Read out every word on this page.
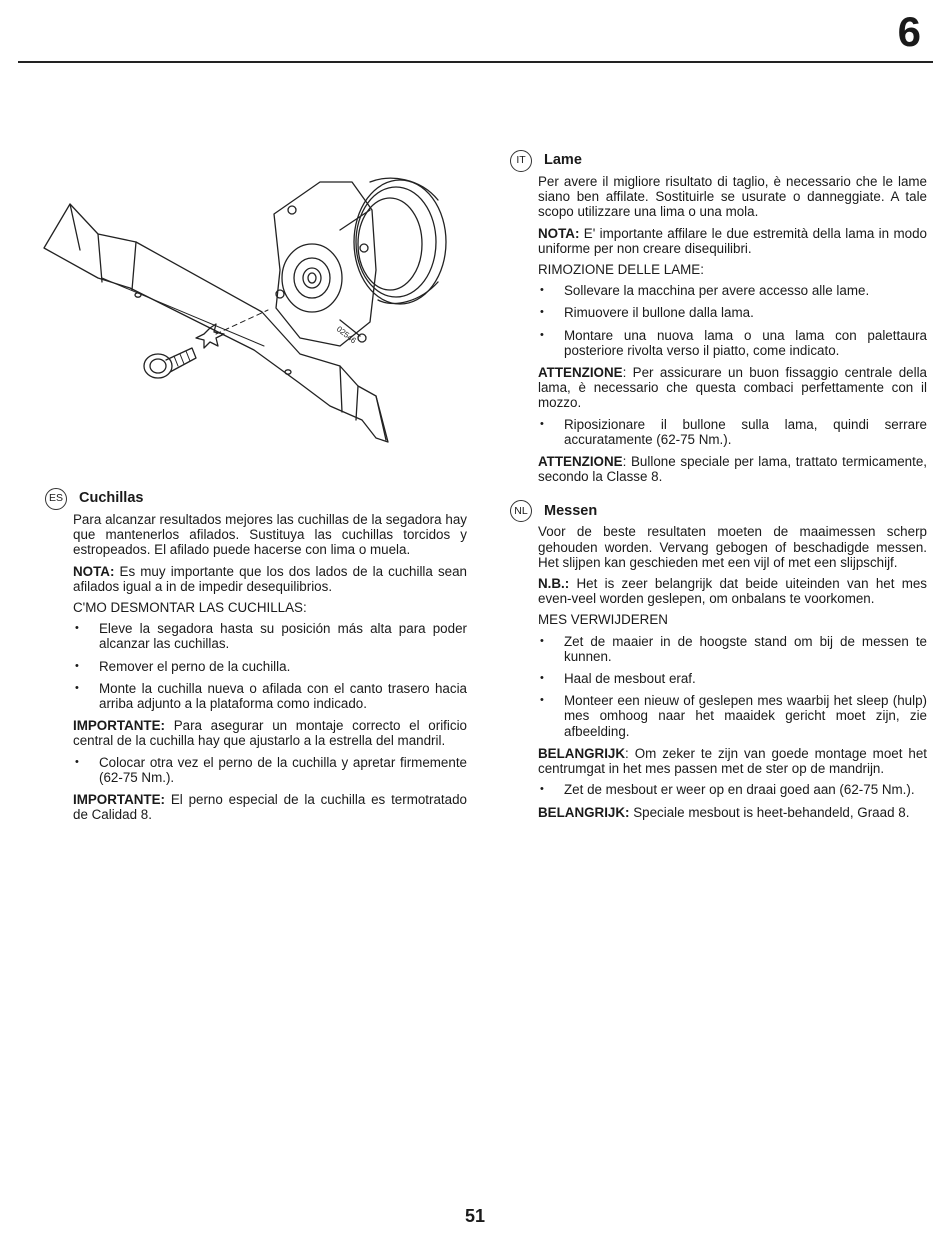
6
02546
ES Cuchillas

Para alcanzar resultados mejores las cuchillas de la segadora hay que mantenerlos afilados. Sustituya las cuchillas torcidos y estropeados. El afilado puede hacerse con lima o muela.

NOTA: Es muy importante que los dos lados de la cuchilla sean afilados igual a in de impedir desequilibrios.

C'MO DESMONTAR LAS CUCHILLAS:
• Eleve la segadora hasta su posición más alta para poder alcanzar las cuchillas.
• Remover el perno de la cuchilla.
• Monte la cuchilla nueva o afilada con el canto trasero hacia arriba adjunto a la plataforma como indicado.

IMPORTANTE: Para asegurar un montaje correcto el orificio central de la cuchilla hay que ajustarlo a la estrella del mandril.

• Colocar otra vez el perno de la cuchilla y apretar firmemente (62-75 Nm.).

IMPORTANTE: El perno especial de la cuchilla es termotratado de Calidad 8.

IT	Lame

Per avere il migliore risultato di taglio, è necessario che le lame siano ben affilate. Sostituirle se usurate o danneggiate. A tale scopo utilizzare una lima o una mola.

NOTA: E' importante affilare le due estremità della lama in modo uniforme per non creare disequilibri.

RIMOZIONE DELLE LAME:
• Sollevare la macchina per avere accesso alle lame.
• Rimuovere il bullone dalla lama.
• Montare una nuova lama o una lama con palettaura posteriore rivolta verso il piatto, come indicato.

ATTENZIONE: Per assicurare un buon fissaggio centrale della lama, è necessario che questa combaci perfettamente con il mozzo.

• Riposizionare il bullone sulla lama, quindi serrare accuratamente (62-75 Nm.).

ATTENZIONE: Bullone speciale per lama, trattato termicamente, secondo la Classe 8.

NL Messen

Voor de beste resultaten moeten de maaimessen scherp gehouden worden. Vervang gebogen of beschadigde messen. Het slijpen kan geschieden met een vijl of met een slijpschijf.

N.B.: Het is zeer belangrijk dat beide uiteinden van het mes even-veel worden geslepen, om onbalans te voorkomen.

MES VERWIJDEREN
• Zet de maaier in de hoogste stand om bij de messen te kunnen.
• Haal de mesbout eraf.
• Monteer een nieuw of geslepen mes waarbij het sleep (hulp) mes omhoog naar het maaidek gericht moet zijn, zie afbeelding.

BELANGRIJK: Om zeker te zijn van goede montage moet het centrumgat in het mes passen met de ster op de mandrijn.

• Zet de mesbout er weer op en draai goed aan (62-75 Nm.).

BELANGRIJK: Speciale mesbout is heet-behandeld, Graad 8.

51
